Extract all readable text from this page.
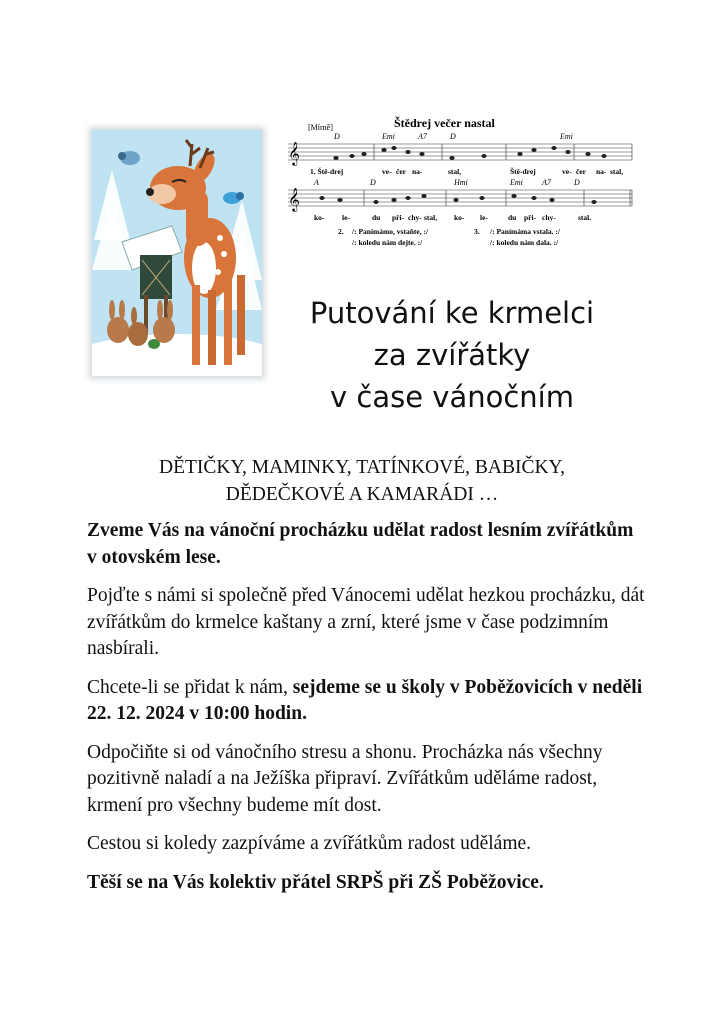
Štědrej večer nastal
[Mírně]
D	Emi	A7	D	Emi
𝄞
1. Ště-drej	ve- čer na-	stal,	Ště-drej	ve- čer na- stal,
A	D	Hmi	Emi A7	D
𝄞
ko- le-	du při- chy- stal, ko- le-	du při- chy-	stal.
2. /: Panímámo, vstaňte, :/
/: koledu nám dejte. :/
3. /: Panímáma vstala. :/
/: koledu nám dala. :/
Putování ke krmelci
za zvířátky
v čase vánočním
DĚTIČKY, MAMINKY, TATÍNKOVÉ, BABIČKY,
DĚDEČKOVÉ A KAMARÁDI …

Zveme Vás na vánoční procházku udělat radost lesním zvířátkům v otovském lese.

Pojďte s námi si společně před Vánocemi udělat hezkou procházku, dát zvířátkům do krmelce kaštany a zrní, které jsme v čase podzimním nasbírali.

Chcete-li se přidat k nám, sejdeme se u školy v Poběžovicích v neděli 22. 12. 2024 v 10:00 hodin.

Odpočiňte si od vánočního stresu a shonu. Procházka nás všechny pozitivně naladí a na Ježíška připraví. Zvířátkům uděláme radost, krmení pro všechny budeme mít dost.

Cestou si koledy zazpíváme a zvířátkům radost uděláme.

Těší se na Vás kolektiv přátel SRPŠ při ZŠ Poběžovice.
